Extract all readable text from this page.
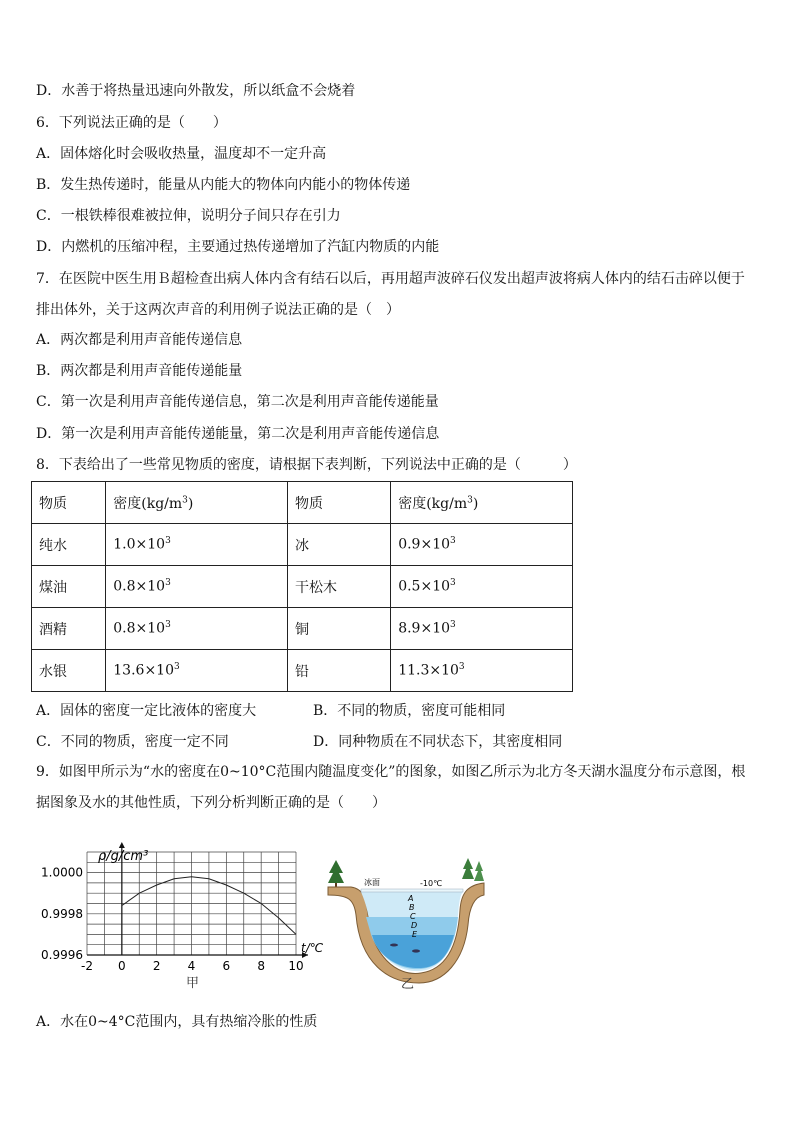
D．水善于将热量迅速向外散发，所以纸盒不会烧着
6．下列说法正确的是（　　）
A．固体熔化时会吸收热量，温度却不一定升高
B．发生热传递时，能量从内能大的物体向内能小的物体传递
C．一根铁棒很难被拉伸，说明分子间只存在引力
D．内燃机的压缩冲程，主要通过热传递增加了汽缸内物质的内能
7．在医院中医生用Ｂ超检查出病人体内含有结石以后，再用超声波碎石仪发出超声波将病人体内的结石击碎以便于排出体外，关于这两次声音的利用例子说法正确的是（　）
A．两次都是利用声音能传递信息
B．两次都是利用声音能传递能量
C．第一次是利用声音能传递信息，第二次是利用声音能传递能量
D．第一次是利用声音能传递能量，第二次是利用声音能传递信息
8．下表给出了一些常见物质的密度，请根据下表判断，下列说法中正确的是（　　　）
物质	密度$(kg/m^3)$	物质	密度$(kg/m^3)$
纯水	$1.0\times 10^3$	冰	$0.9\times 10^3$
煤油	$0.8\times 10^3$	干松木	$0.5\times 10^3$
酒精	$0.8\times 10^3$	铜	$8.9\times 10^3$
水银	$13.6\times 10^3$	铅	$11.3\times 10^3$
A．固体的密度一定比液体的密度大	B．不同的物质，密度可能相同
C．不同的物质，密度一定不同	D．同种物质在不同状态下，其密度相同
9．如图甲所示为“水的密度在0~10°C范围内随温度变化”的图象，如图乙所示为北方冬天湖水温度分布示意图，根据图象及水的其他性质，下列分析判断正确的是（　　）
-2 0 2 4 6 8 10
1.0000
0.9998
0.9996
ρ/g/cm³
t/℃
甲
冰面	-10℃
A
B
C
D
E
乙
A．水在0~4°C范围内，具有热缩冷胀的性质
